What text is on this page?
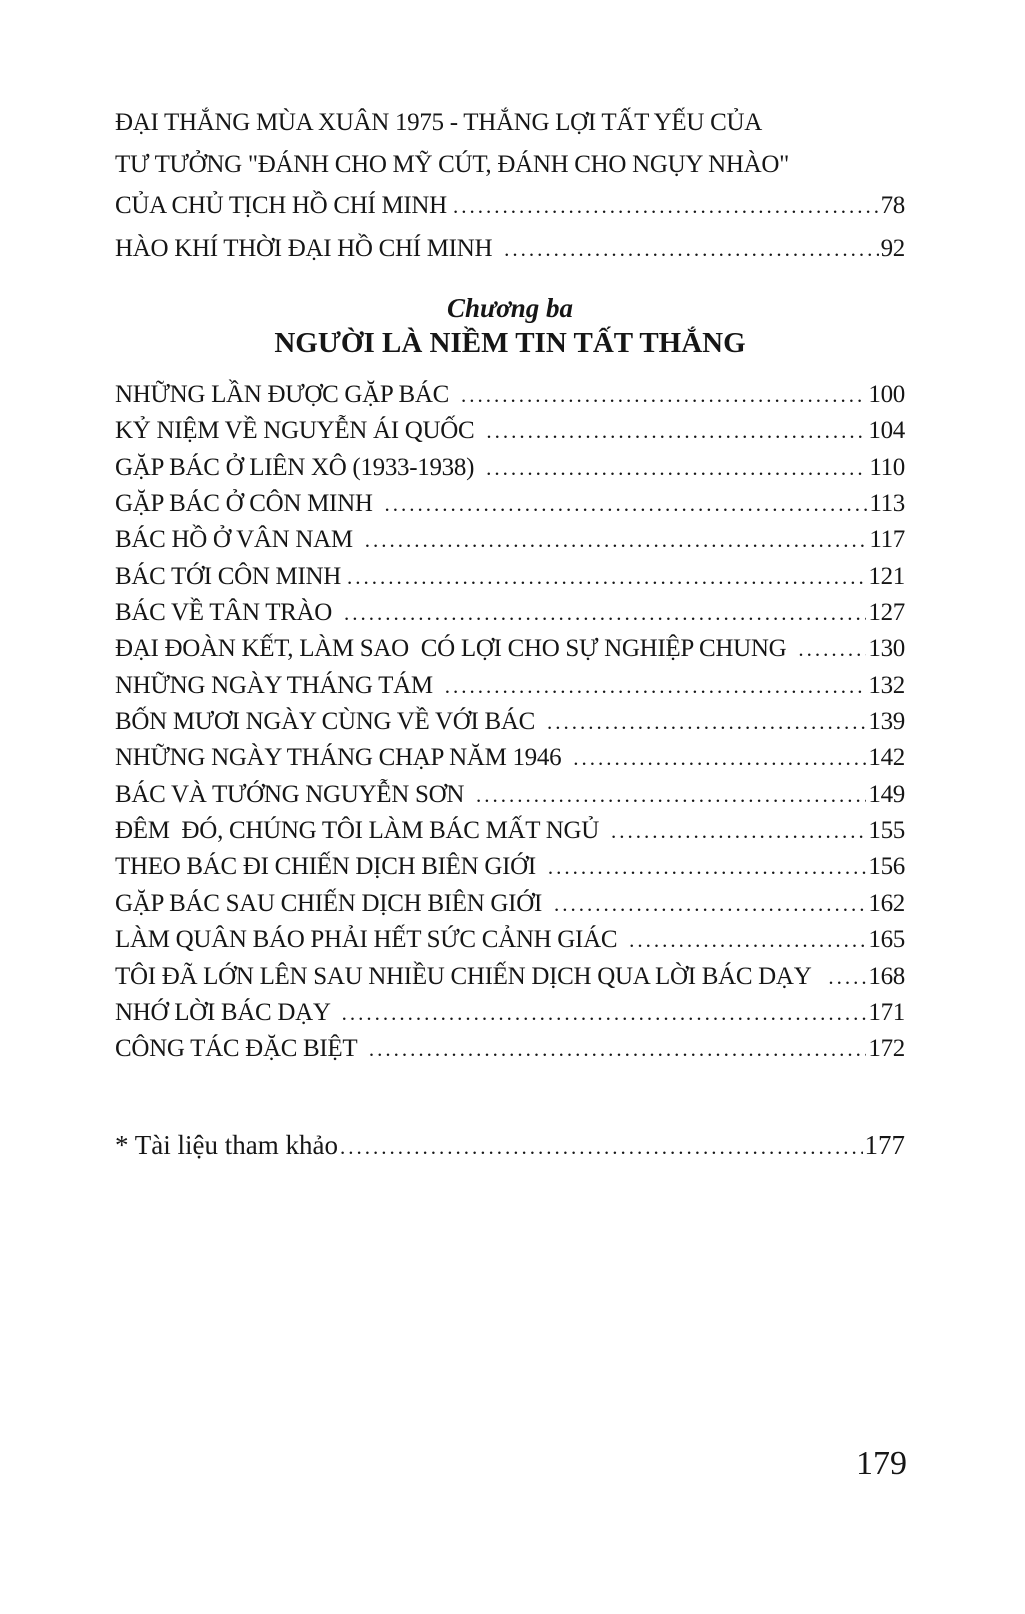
ĐẠI THẮNG MÙA XUÂN 1975 - THẮNG LỢI TẤT YẾU CỦA
TƯ TƯỞNG "ĐÁNH CHO MỸ CÚT, ĐÁNH CHO NGỤY NHÀO"
CỦA CHỦ TỊCH HỒ CHÍ MINH .....	78
HÀO KHÍ THỜI ĐẠI HỒ CHÍ MINH .....	92
Chương ba
NGƯỜI LÀ NIỀM TIN TẤT THẮNG
NHỮNG LẦN ĐƯỢC GẶP BÁC .....	100
KỶ NIỆM VỀ NGUYỄN ÁI QUỐC .....	104
GẶP BÁC Ở LIÊN XÔ (1933-1938) .....	110
GẶP BÁC Ở CÔN MINH .....	113
BÁC HỒ Ở VÂN NAM .....	117
BÁC TỚI CÔN MINH .....	121
BÁC VỀ TÂN TRÀO .....	127
ĐẠI ĐOÀN KẾT, LÀM SAO  CÓ LỢI CHO SỰ NGHIỆP CHUNG .....	130
NHỮNG NGÀY THÁNG TÁM .....	132
BỐN MƯƠI NGÀY CÙNG VỀ VỚI BÁC .....	139
NHỮNG NGÀY THÁNG CHẠP NĂM 1946 .....	142
BÁC VÀ TƯỚNG NGUYỄN SƠN .....	149
ĐÊM  ĐÓ, CHÚNG TÔI LÀM BÁC MẤT NGỦ .....	155
THEO BÁC ĐI CHIẾN DỊCH BIÊN GIỚI .....	156
GẶP BÁC SAU CHIẾN DỊCH BIÊN GIỚI .....	162
LÀM QUÂN BÁO PHẢI HẾT SỨC CẢNH GIÁC .....	165
TÔI ĐÃ LỚN LÊN SAU NHIỀU CHIẾN DỊCH QUA LỜI BÁC DẠY ..... 168
NHỚ LỜI BÁC DẠY .....	171
CÔNG TÁC ĐẶC BIỆT .....	172
* Tài liệu tham khảo .....	177
179
